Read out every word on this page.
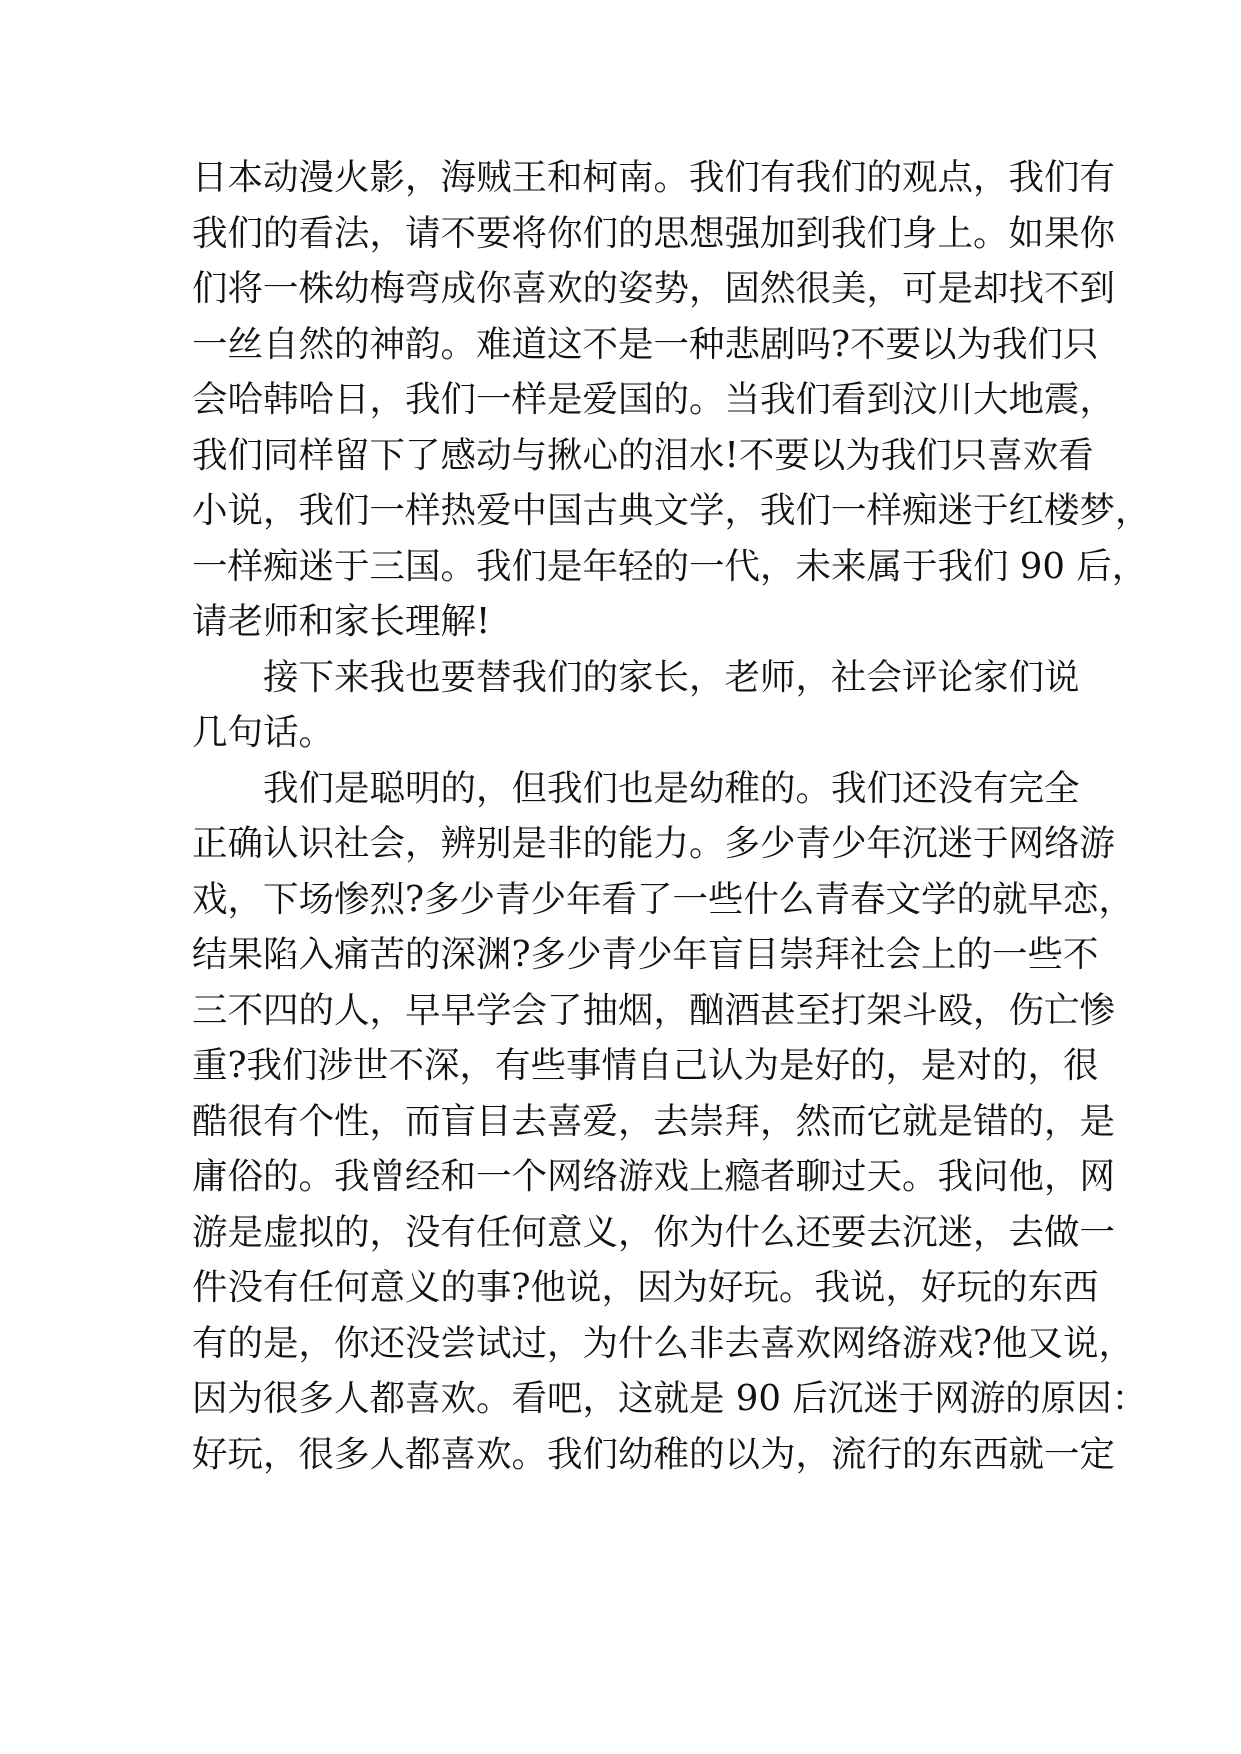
日本动漫火影，海贼王和柯南。我们有我们的观点，我们有
我们的看法，请不要将你们的思想强加到我们身上。如果你
们将一株幼梅弯成你喜欢的姿势，固然很美，可是却找不到
一丝自然的神韵。难道这不是一种悲剧吗?不要以为我们只
会哈韩哈日，我们一样是爱国的。当我们看到汶川大地震，
我们同样留下了感动与揪心的泪水!不要以为我们只喜欢看
小说，我们一样热爱中国古典文学，我们一样痴迷于红楼梦，
一样痴迷于三国。我们是年轻的一代，未来属于我们 90 后，
请老师和家长理解!
接下来我也要替我们的家长，老师，社会评论家们说
几句话。
我们是聪明的，但我们也是幼稚的。我们还没有完全
正确认识社会，辨别是非的能力。多少青少年沉迷于网络游
戏，下场惨烈?多少青少年看了一些什么青春文学的就早恋，
结果陷入痛苦的深渊?多少青少年盲目崇拜社会上的一些不
三不四的人，早早学会了抽烟，酗酒甚至打架斗殴，伤亡惨
重?我们涉世不深，有些事情自己认为是好的，是对的，很
酷很有个性，而盲目去喜爱，去崇拜，然而它就是错的，是
庸俗的。我曾经和一个网络游戏上瘾者聊过天。我问他，网
游是虚拟的，没有任何意义，你为什么还要去沉迷，去做一
件没有任何意义的事?他说，因为好玩。我说，好玩的东西
有的是，你还没尝试过，为什么非去喜欢网络游戏?他又说，
因为很多人都喜欢。看吧，这就是 90 后沉迷于网游的原因：
好玩，很多人都喜欢。我们幼稚的以为，流行的东西就一定
